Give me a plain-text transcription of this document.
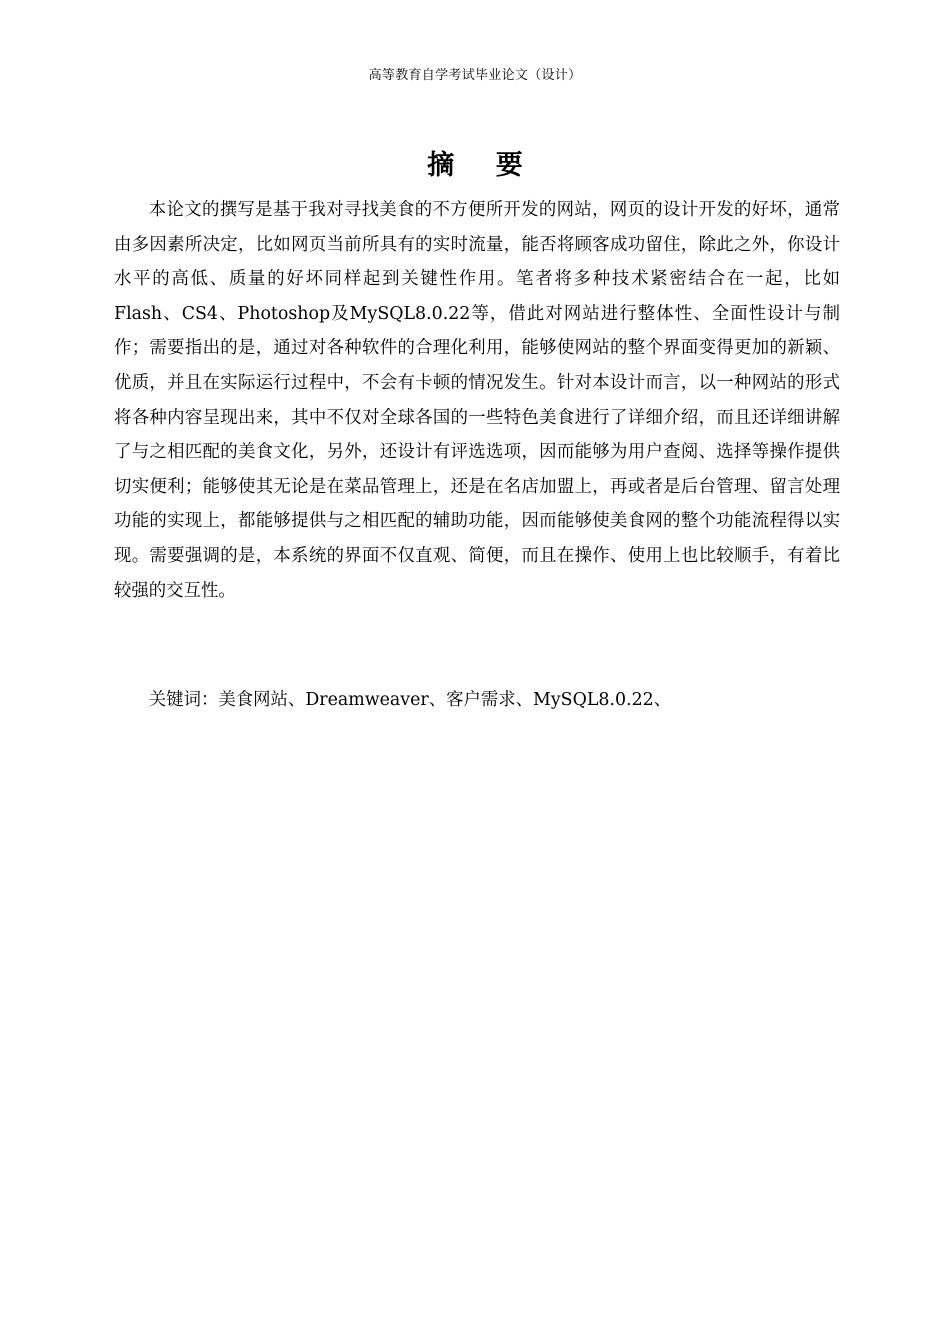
高等教育自学考试毕业论文（设计）
摘 要

本论文的撰写是基于我对寻找美食的不方便所开发的网站，网页的设计开发的好坏，通常由多因素所决定，比如网页当前所具有的实时流量，能否将顾客成功留住，除此之外，你设计水平的高低、质量的好坏同样起到关键性作用。笔者将多种技术紧密结合在一起，比如Flash、CS4、Photoshop及MySQL8.0.22等，借此对网站进行整体性、全面性设计与制作；需要指出的是，通过对各种软件的合理化利用，能够使网站的整个界面变得更加的新颖、优质，并且在实际运行过程中，不会有卡顿的情况发生。针对本设计而言，以一种网站的形式将各种内容呈现出来，其中不仅对全球各国的一些特色美食进行了详细介绍，而且还详细讲解了与之相匹配的美食文化，另外，还设计有评选选项，因而能够为用户查阅、选择等操作提供切实便利；能够使其无论是在菜品管理上，还是在名店加盟上，再或者是后台管理、留言处理功能的实现上，都能够提供与之相匹配的辅助功能，因而能够使美食网的整个功能流程得以实现。需要强调的是，本系统的界面不仅直观、简便，而且在操作、使用上也比较顺手，有着比较强的交互性。

关键词：美食网站、Dreamweaver、客户需求、MySQL8.0.22、
